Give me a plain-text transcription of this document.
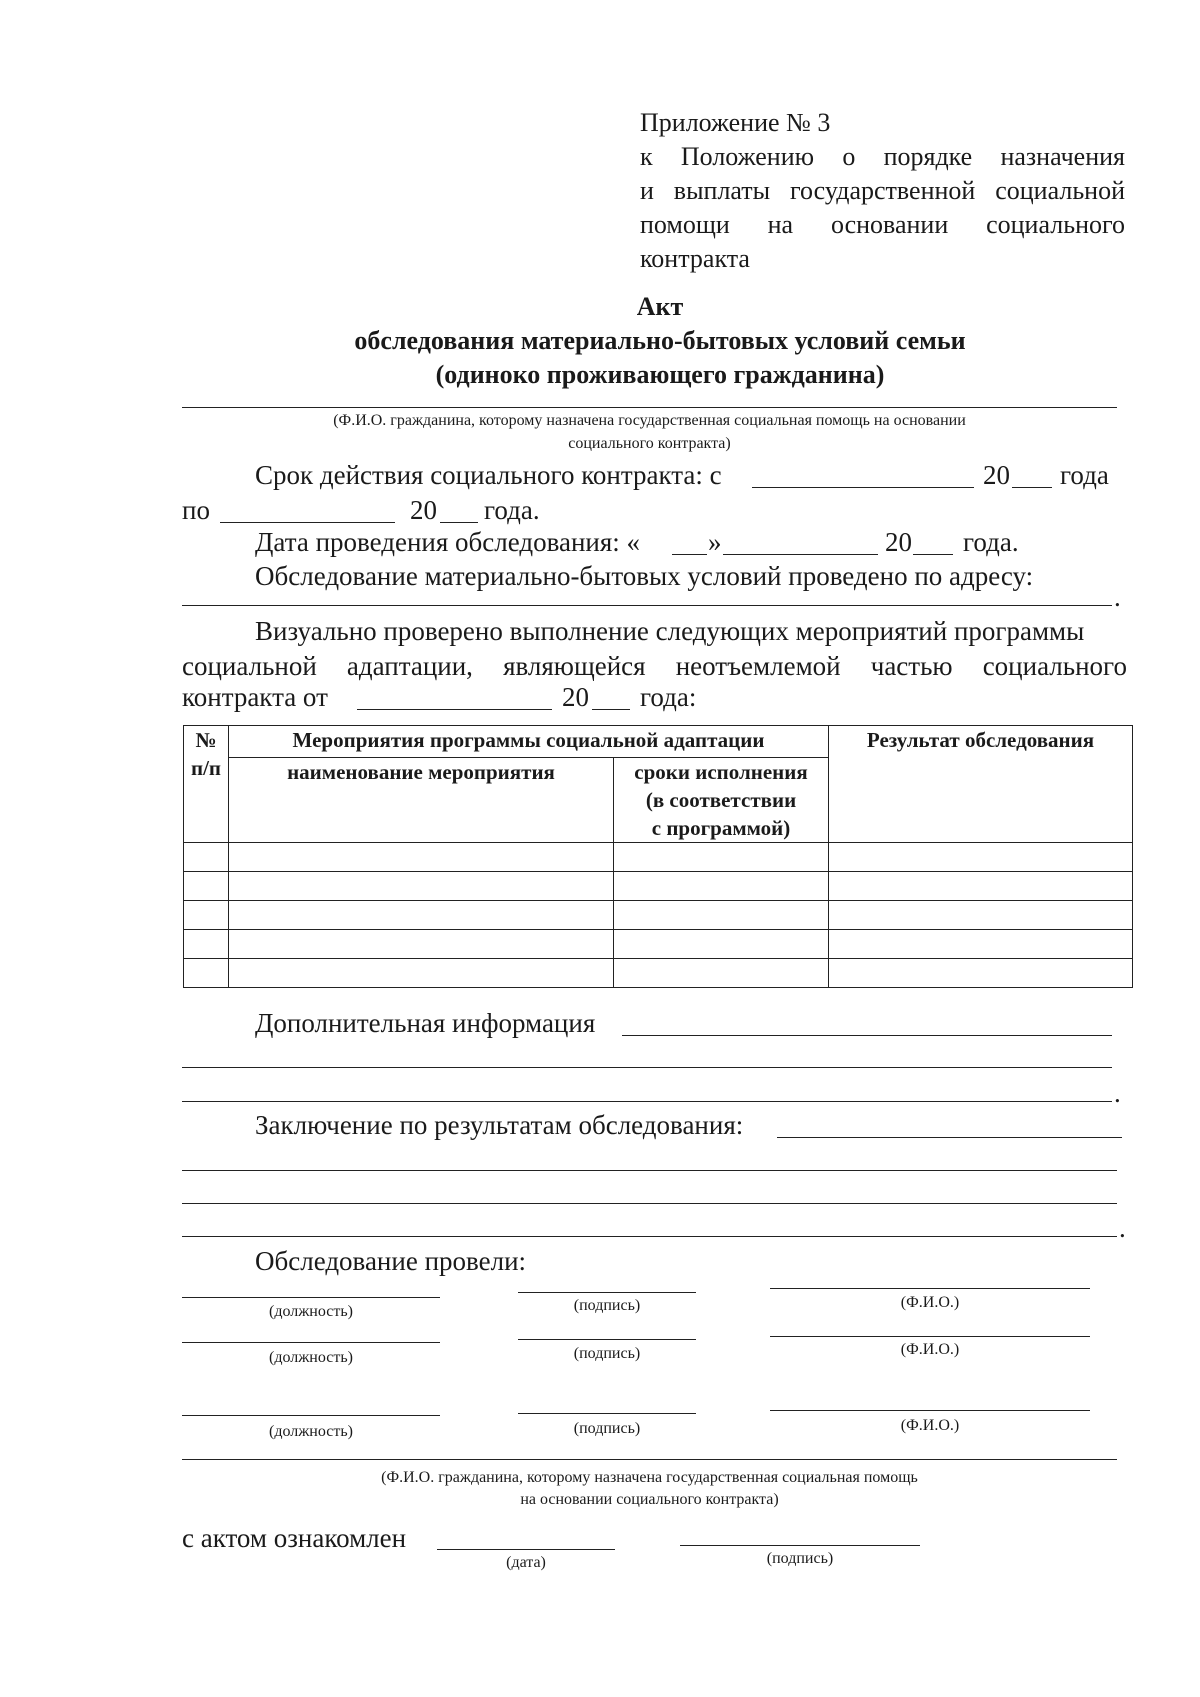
Приложение № 3
к Положению о порядке назначения
и выплаты государственной социальной
помощи на основании социального
контракта
Акт
обследования материально-бытовых условий семьи
(одиноко проживающего гражданина)
(Ф.И.О. гражданина, которому назначена государственная социальная помощь на основании
социального контракта)
Срок действия социального контракта: с	20 года
по	20 года.
Дата проведения обследования: «	»	20 года.
Обследование материально-бытовых условий проведено по адресу:
.
Визуально проверено выполнение следующих мероприятий программы
социальной адаптации, являющейся неотъемлемой частью социального
контракта от	20 года:
№
п/п	Мероприятия программы социальной адаптации		Результат обследования
	наименование мероприятия	сроки исполнения
(в соответствии
с программой)	

Дополнительная информация
.
Заключение по результатам обследования:
.
Обследование провели:
(должность)	(подпись)	(Ф.И.О.)
(должность)	(подпись)	(Ф.И.О.)
(должность)	(подпись)	(Ф.И.О.)
(Ф.И.О. гражданина, которому назначена государственная социальная помощь
на основании социального контракта)
с актом ознакомлен
(дата)	(подпись)
